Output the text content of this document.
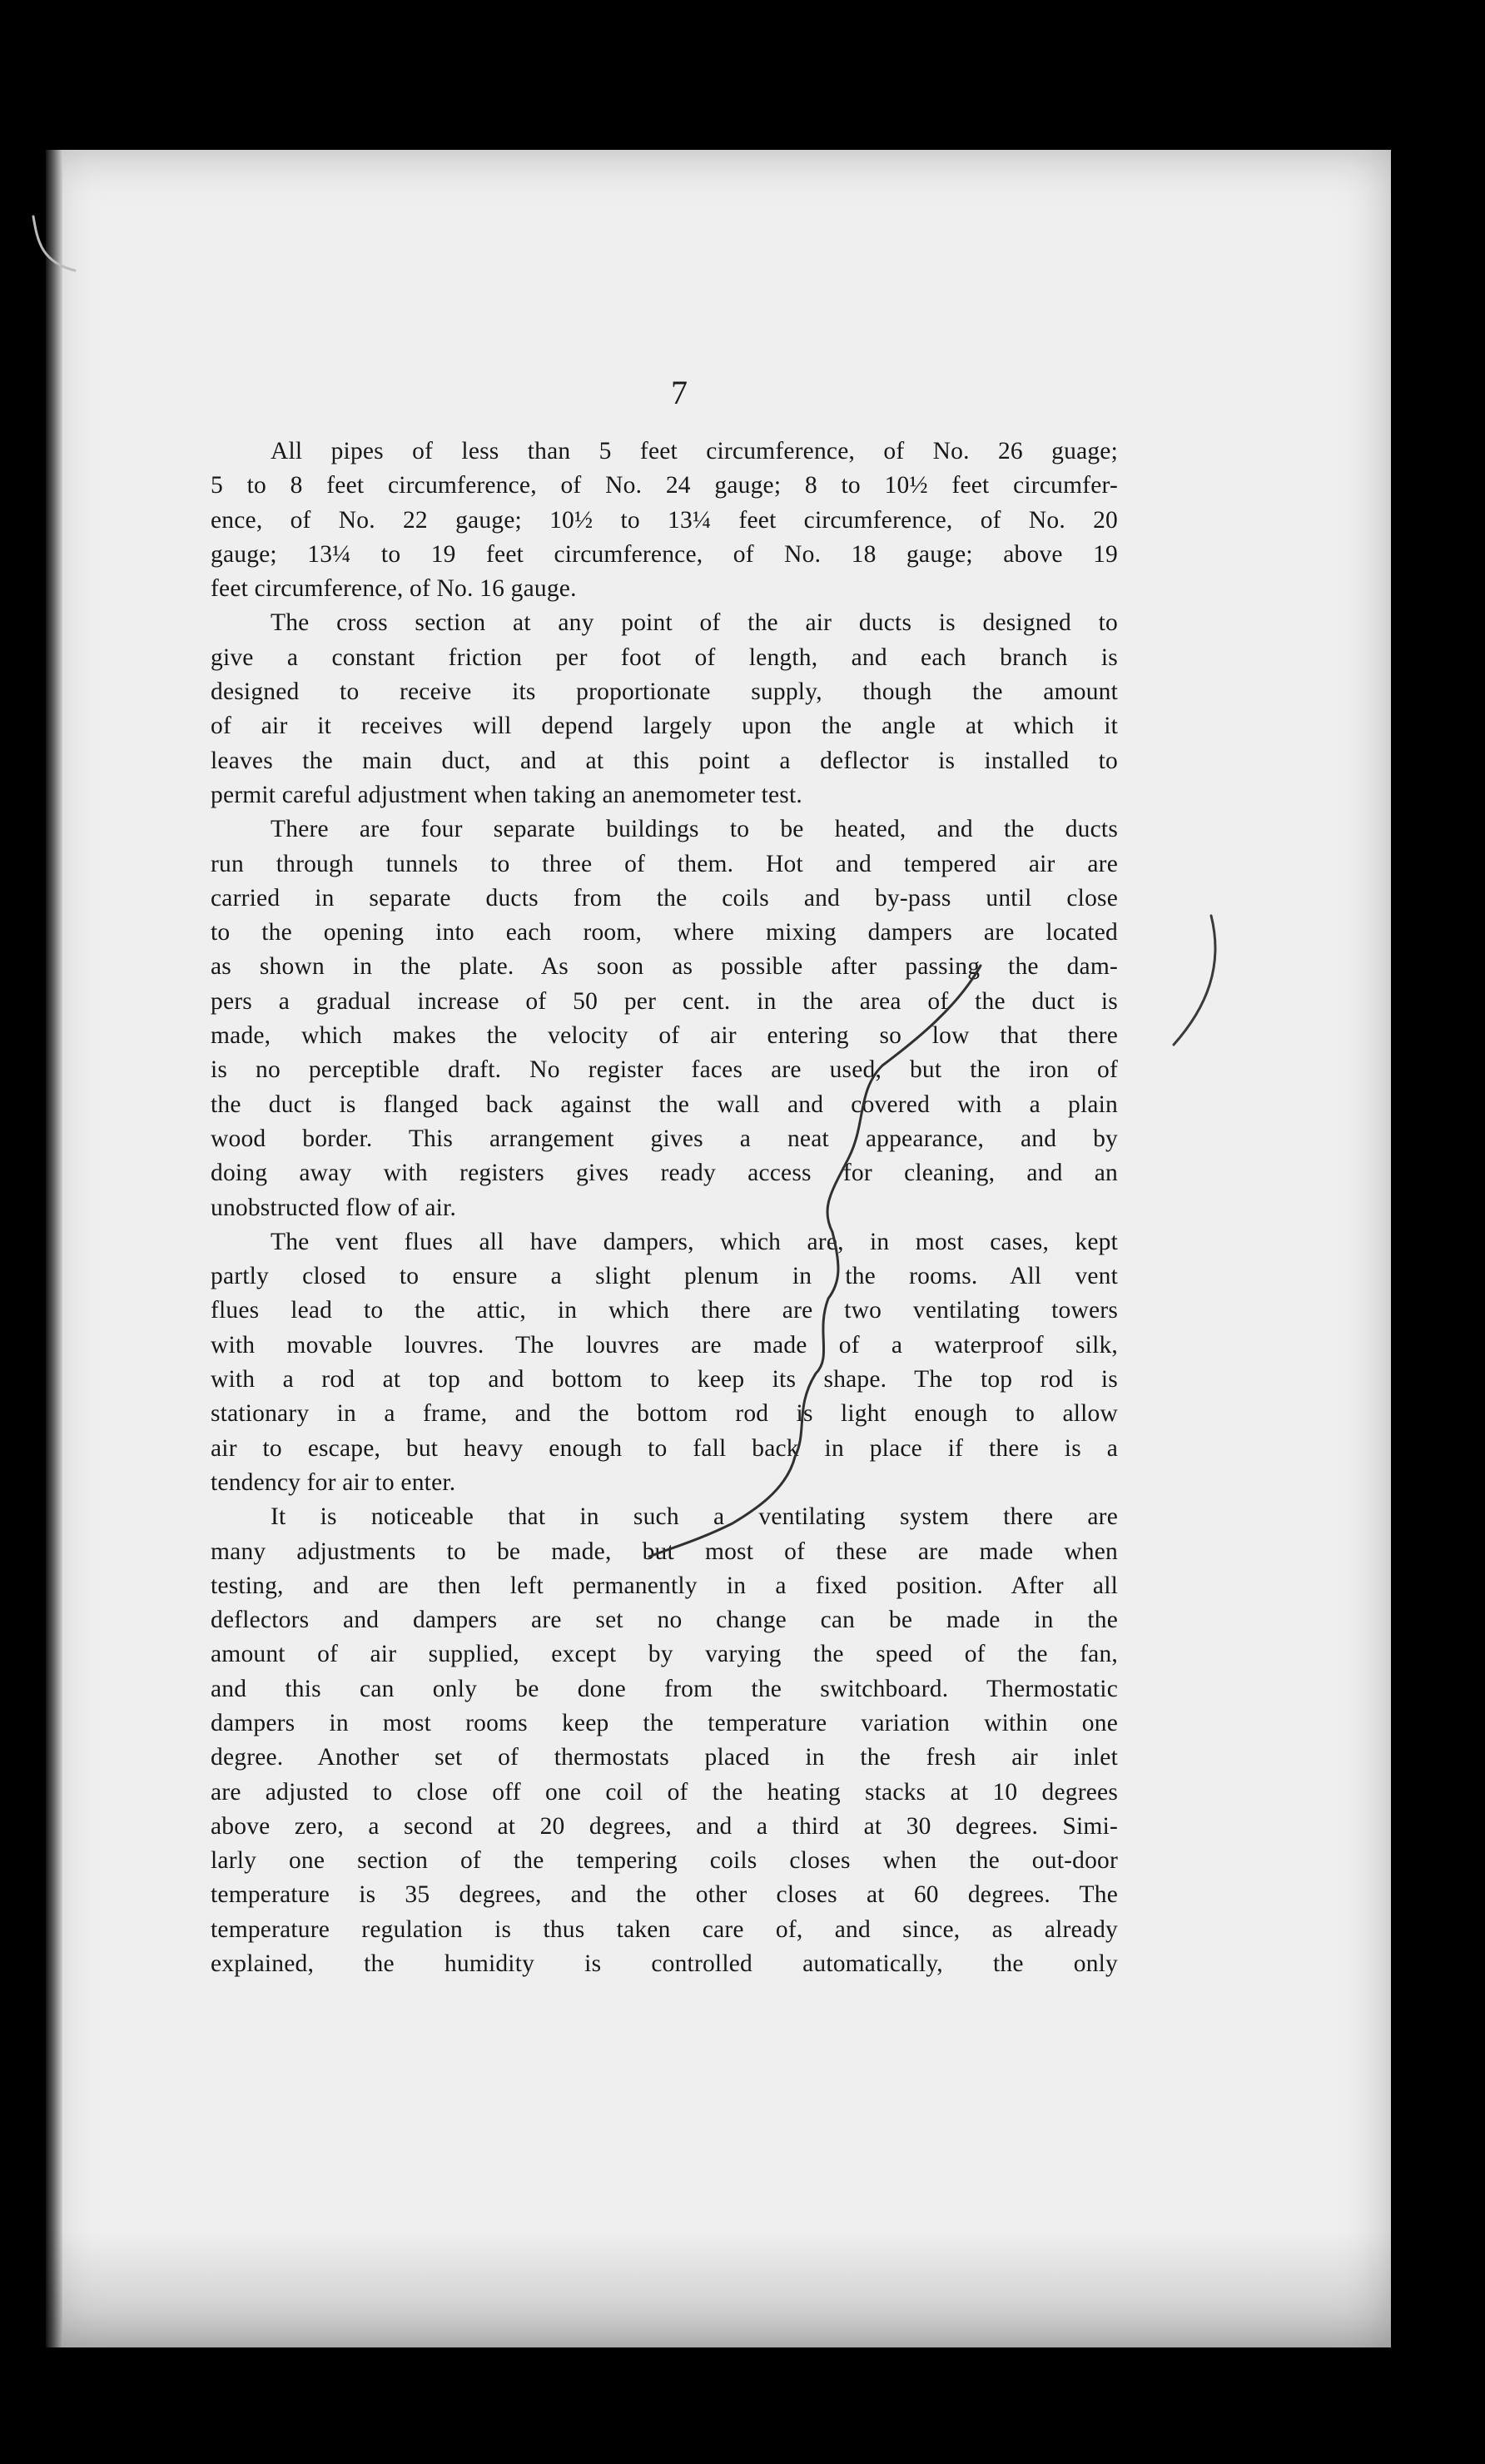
7
All pipes of less than 5 feet circumference, of No. 26 guage;
5 to 8 feet circumference, of No. 24 gauge; 8 to 10½ feet circumfer-
ence, of No. 22 gauge; 10½ to 13¼ feet circumference, of No. 20
gauge; 13¼ to 19 feet circumference, of No. 18 gauge; above 19
feet circumference, of No. 16 gauge.
The cross section at any point of the air ducts is designed to
give a constant friction per foot of length, and each branch is
designed to receive its proportionate supply, though the amount
of air it receives will depend largely upon the angle at which it
leaves the main duct, and at this point a deflector is installed to
permit careful adjustment when taking an anemometer test.
There are four separate buildings to be heated, and the ducts
run through tunnels to three of them. Hot and tempered air are
carried in separate ducts from the coils and by-pass until close
to the opening into each room, where mixing dampers are located
as shown in the plate. As soon as possible after passing the dam-
pers a gradual increase of 50 per cent. in the area of the duct is
made, which makes the velocity of air entering so low that there
is no perceptible draft. No register faces are used, but the iron of
the duct is flanged back against the wall and covered with a plain
wood border. This arrangement gives a neat appearance, and by
doing away with registers gives ready access for cleaning, and an
unobstructed flow of air.
The vent flues all have dampers, which are, in most cases, kept
partly closed to ensure a slight plenum in the rooms. All vent
flues lead to the attic, in which there are two ventilating towers
with movable louvres. The louvres are made of a waterproof silk,
with a rod at top and bottom to keep its shape. The top rod is
stationary in a frame, and the bottom rod is light enough to allow
air to escape, but heavy enough to fall back in place if there is a
tendency for air to enter.
It is noticeable that in such a ventilating system there are
many adjustments to be made, but most of these are made when
testing, and are then left permanently in a fixed position. After all
deflectors and dampers are set no change can be made in the
amount of air supplied, except by varying the speed of the fan,
and this can only be done from the switchboard. Thermostatic
dampers in most rooms keep the temperature variation within one
degree. Another set of thermostats placed in the fresh air inlet
are adjusted to close off one coil of the heating stacks at 10 degrees
above zero, a second at 20 degrees, and a third at 30 degrees. Simi-
larly one section of the tempering coils closes when the out-door
temperature is 35 degrees, and the other closes at 60 degrees. The
temperature regulation is thus taken care of, and since, as already
explained, the humidity is controlled automatically, the only
